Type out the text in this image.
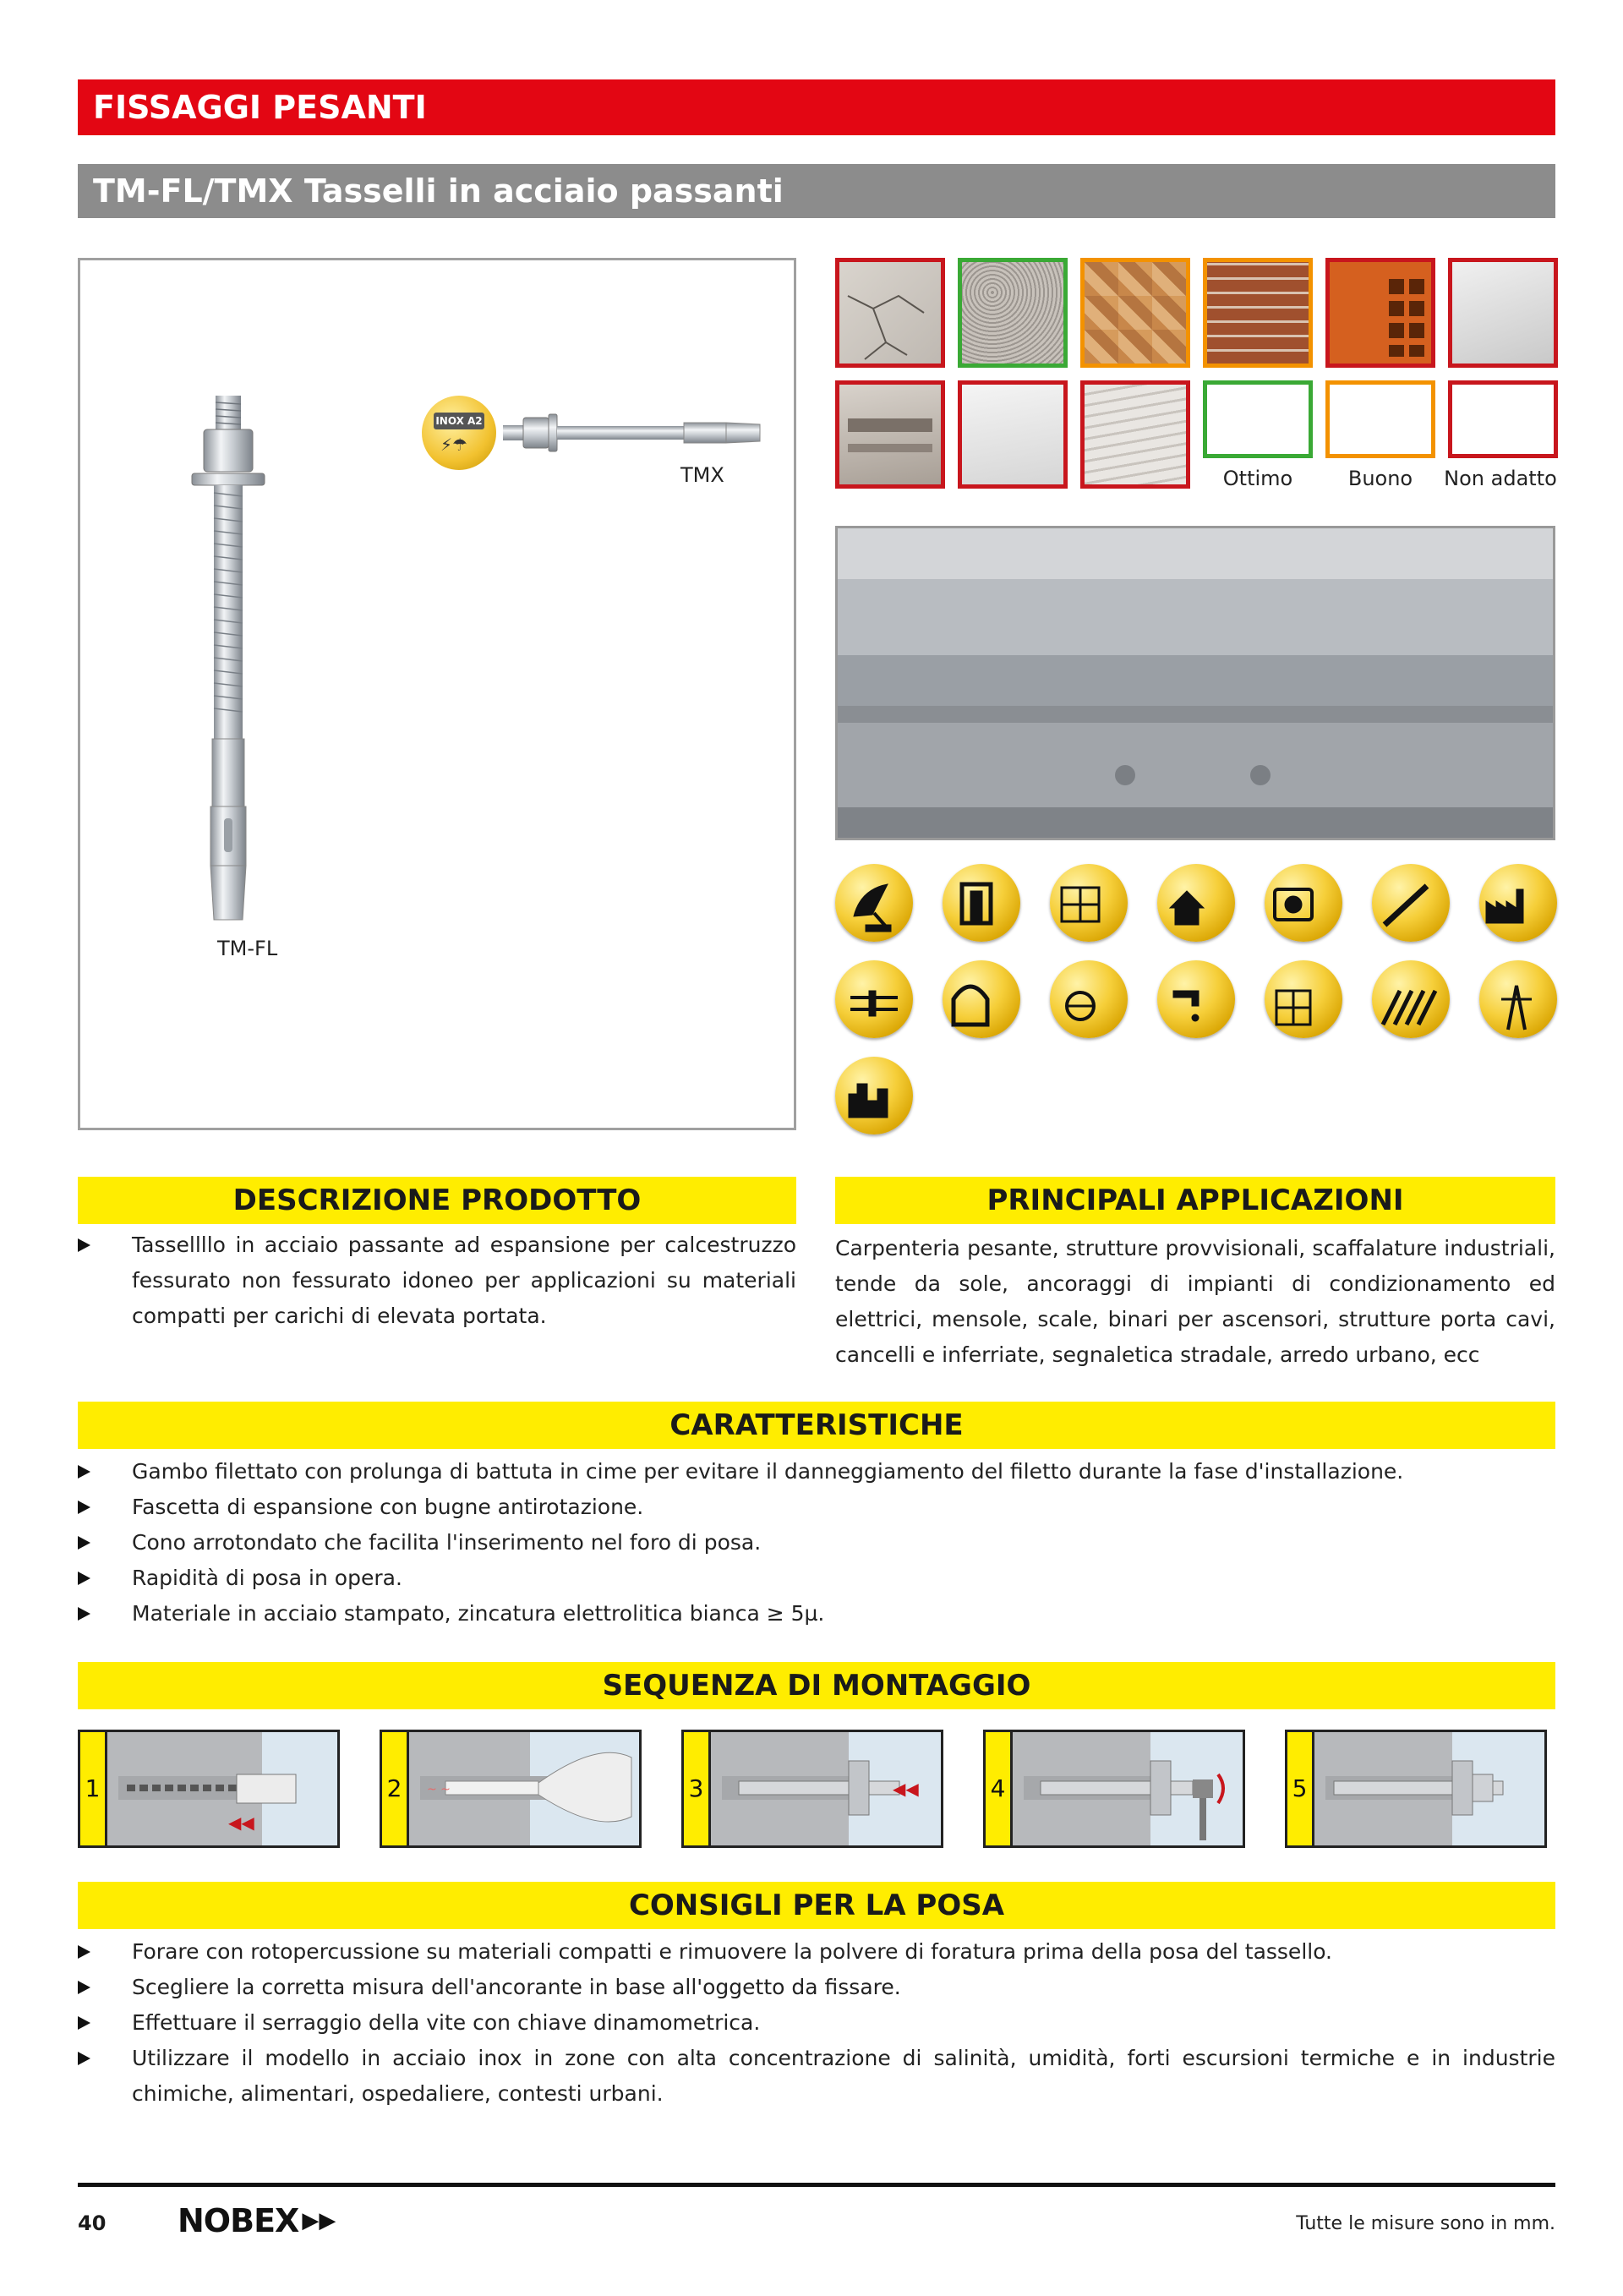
FISSAGGI PESANTI
TM-FL/TMX Tasselli in acciaio passanti
TM-FL
INOX A2
⚡☂
TMX	Ottimo	Buono	Non adatto
DESCRIZIONE PRODOTTO
Tassellllo in acciaio passante ad espansione per calcestruzzo fessurato non fessurato idoneo per applicazioni su materiali compatti per carichi di elevata portata.
PRINCIPALI APPLICAZIONI
Carpenteria pesante, strutture provvisionali, scaffalature industriali, tende da sole, ancoraggi di impianti di condizionamento ed elettrici, mensole, scale, binari per ascensori, strutture porta cavi, cancelli e inferriate, segnaletica stradale, arredo urbano, ecc
CARATTERISTICHE
Gambo filettato con prolunga di battuta in cime per evitare il danneggiamento del filetto durante la fase d'installazione.
Fascetta di espansione con bugne antirotazione.
Cono arrotondato che facilita l'inserimento nel foro di posa.
Rapidità di posa in opera.
Materiale in acciaio stampato, zincatura elettrolitica bianca ≥ 5µ.
SEQUENZA DI MONTAGGIO
1
◀◀
2	~ ~	3	◀◀	4	5
CONSIGLI PER LA POSA
Forare con rotopercussione su materiali compatti e rimuovere la polvere di foratura prima della posa del tassello.
Scegliere la corretta misura dell'ancorante in base all'oggetto da fissare.
Effettuare il serraggio della vite con chiave dinamometrica.
Utilizzare il modello in acciaio inox in zone con alta concentrazione di salinità, umidità, forti escursioni termiche e in industrie chimiche, alimentari, ospedaliere, contesti urbani.
40 NOBEX ▶▶	Tutte le misure sono in mm.
